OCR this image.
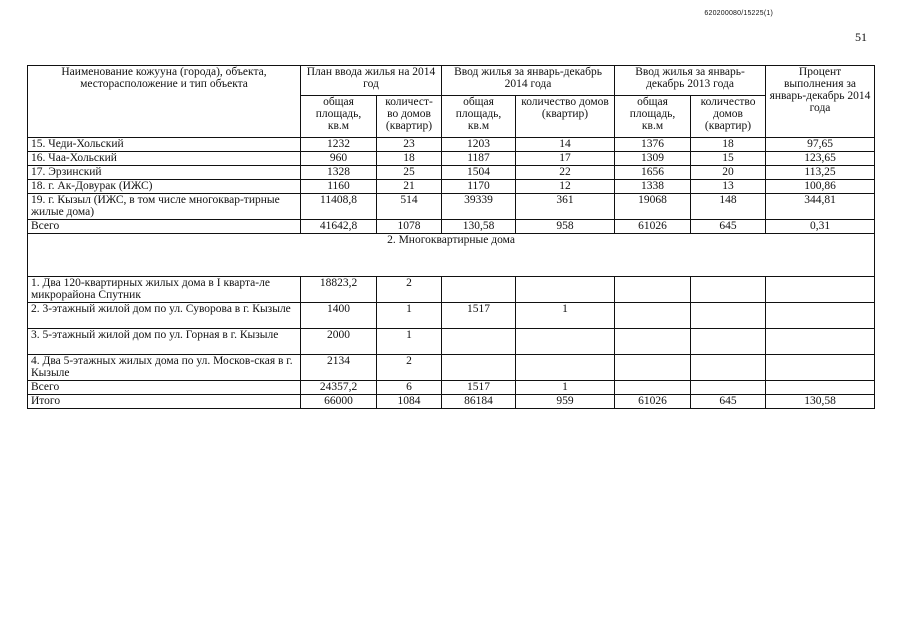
620200080/15225(1)
51
Наименование кожууна (города), объекта, месторасположение и тип объекта	План ввода жилья на 2014 год		Ввод жилья за январь-декабрь 2014 года		Ввод жилья за январь-декабрь 2013 года		Процент выполнения за январь-декабрь 2014 года
	общая площадь, кв.м	количест-во домов (квартир)	общая площадь, кв.м	количество домов (квартир)	общая площадь, кв.м	количество домов (квартир)	
15. Чеди-Хольский	1232	23	1203	14	1376	18	97,65
16. Чаа-Хольский	960	18	1187	17	1309	15	123,65
17. Эрзинский	1328	25	1504	22	1656	20	113,25
18. г. Ак-Довурак (ИЖС)	1160	21	1170	12	1338	13	100,86
19. г. Кызыл (ИЖС, в том числе многоквар-тирные жилые дома)	11408,8	514	39339	361	19068	148	344,81
Всего	41642,8	1078	130,58	958	61026	645	0,31
2. Многоквартирные дома							
1. Два 120-квартирных жилых дома в I кварта-ле микрорайона Спутник	18823,2	2					
2. 3-этажный жилой дом по ул. Суворова в г. Кызыле	1400	1	1517	1			
3. 5-этажный жилой дом по ул. Горная в г. Кызыле	2000	1					
4. Два 5-этажных жилых дома по ул. Москов-ская в г. Кызыле	2134	2					
Всего	24357,2	6	1517	1			
Итого	66000	1084	86184	959	61026	645	130,58
